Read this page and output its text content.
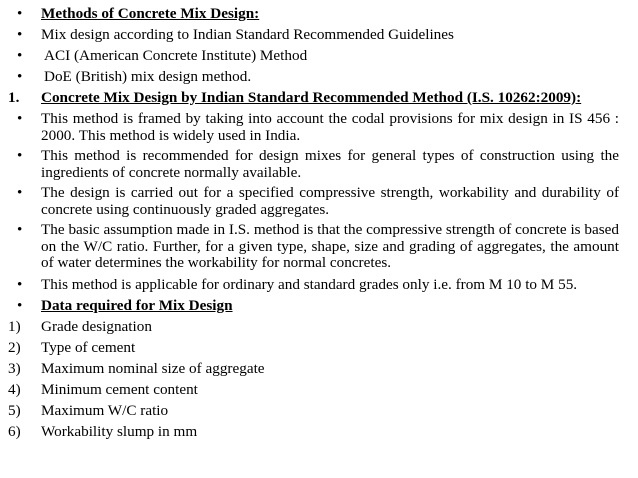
• Methods of Concrete Mix Design:
• Mix design according to Indian Standard Recommended Guidelines
• ACI (American Concrete Institute) Method
• DoE (British) mix design method.
1. Concrete Mix Design by Indian Standard Recommended Method (I.S. 10262:2009):
• This method is framed by taking into account the codal provisions for mix design in IS 456 : 2000. This method is widely used in India.
• This method is recommended for design mixes for general types of construction using the ingredients of concrete normally available.
• The design is carried out for a specified compressive strength, workability and durability of concrete using continuously graded aggregates.
• The basic assumption made in I.S. method is that the compressive strength of concrete is based on the W/C ratio. Further, for a given type, shape, size and grading of aggregates, the amount of water determines the workability for normal concretes.
• This method is applicable for ordinary and standard grades only i.e. from M 10 to M 55.
• Data required for Mix Design
1) Grade designation
2) Type of cement
3) Maximum nominal size of aggregate
4) Minimum cement content
5) Maximum W/C ratio
6) Workability slump in mm
